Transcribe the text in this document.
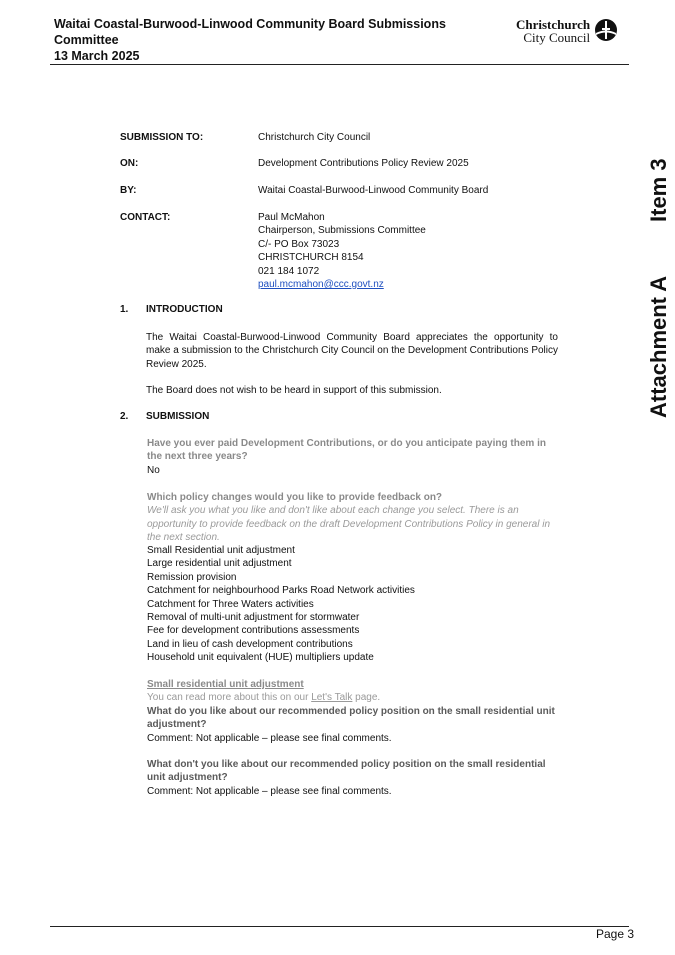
Waitai Coastal-Burwood-Linwood Community Board Submissions Committee
13 March 2025
Christchurch
City Council
Item 3
Attachment A
SUBMISSION TO:	Christchurch City Council
ON:	Development Contributions Policy Review 2025
BY:	Waitai Coastal-Burwood-Linwood Community Board
CONTACT:	Paul McMahon
Chairperson, Submissions Committee
C/- PO Box 73023
CHRISTCHURCH 8154
021 184 1072
paul.mcmahon@ccc.govt.nz
1. INTRODUCTION
The Waitai Coastal-Burwood-Linwood Community Board appreciates the opportunity to make a submission to the Christchurch City Council on the Development Contributions Policy Review 2025.
The Board does not wish to be heard in support of this submission.
2. SUBMISSION
Have you ever paid Development Contributions, or do you anticipate paying them in the next three years?
No
Which policy changes would you like to provide feedback on?
We'll ask you what you like and don't like about each change you select. There is an opportunity to provide feedback on the draft Development Contributions Policy in general in the next section.
Small Residential unit adjustment
Large residential unit adjustment
Remission provision
Catchment for neighbourhood Parks Road Network activities
Catchment for Three Waters activities
Removal of multi-unit adjustment for stormwater
Fee for development contributions assessments
Land in lieu of cash development contributions
Household unit equivalent (HUE) multipliers update
Small residential unit adjustment
You can read more about this on our Let's Talk page.
What do you like about our recommended policy position on the small residential unit adjustment?
Comment: Not applicable – please see final comments.
What don't you like about our recommended policy position on the small residential unit adjustment?
Comment: Not applicable – please see final comments.
Page 3
